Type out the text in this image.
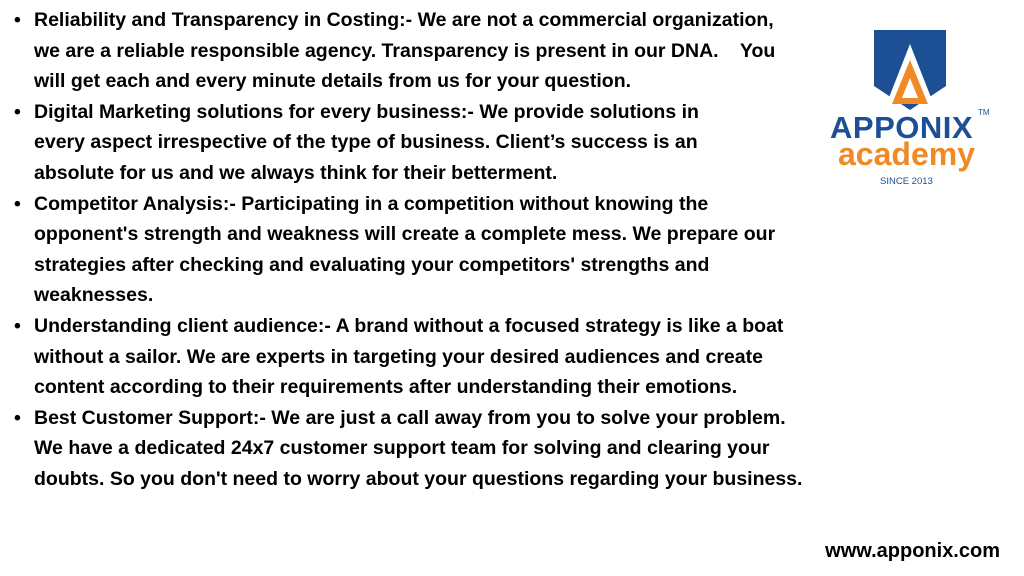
• Reliability and Transparency in Costing:- We are not a commercial organization,
we are a reliable responsible agency. Transparency is present in our DNA.    You
will get each and every minute details from us for your question.
• Digital Marketing solutions for every business:- We provide solutions in
every aspect irrespective of the type of business. Client’s success is an
absolute for us and we always think for their betterment.
• Competitor Analysis:- Participating in a competition without knowing the
opponent's strength and weakness will create a complete mess. We prepare our
strategies after checking and evaluating your competitors' strengths and
weaknesses.
• Understanding client audience:- A brand without a focused strategy is like a boat
without a sailor. We are experts in targeting your desired audiences and create
content according to their requirements after understanding their emotions.
• Best Customer Support:- We are just a call away from you to solve your problem.
We have a dedicated 24x7 customer support team for solving and clearing your
doubts. So you don't need to worry about your questions regarding your business.
APPONIX TM
academy
SINCE 2013
www.apponix.com
